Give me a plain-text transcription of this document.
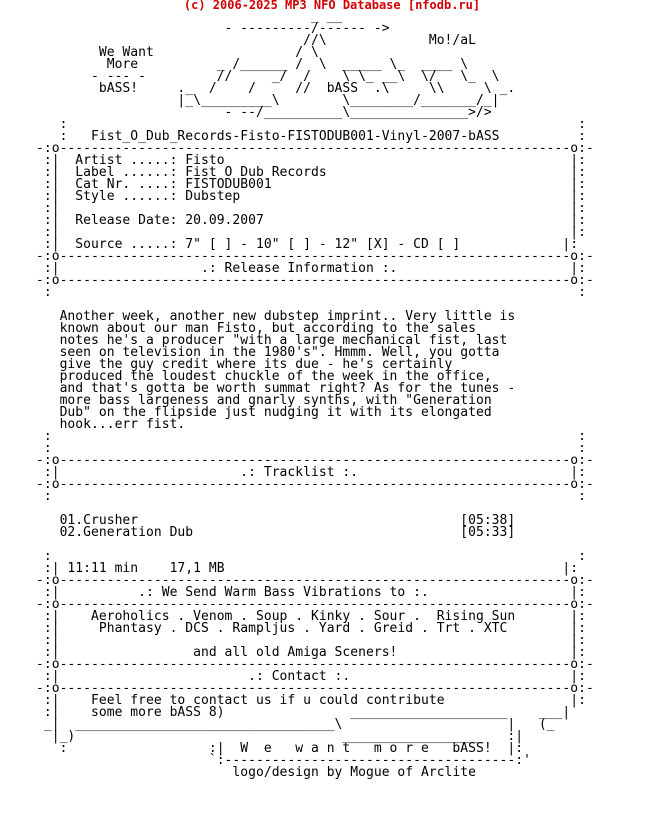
(c) 2006-2025 MP3 NFO Database [nfodb.ru]
_ __
- ---------/------ ->
//\             Mo!/aL
We Want                  / \
More          _ /______ /  \  _____ \_  ____ \
- --- -         //     _/  /    \ \_ __\  \/   \_  \
bASS!     ._  /    /     //  bASS  .\     \\     \ _.
|_\_________\        \________/_______/_|
- --/__________\_______________>/>
:                                                                 :
:   Fist_O_Dub_Records-Fisto-FISTODUB001-Vinyl-2007-bASS          :
-:o-----------------------------------------------------------------o:-
:|  Artist .....: Fisto                                            |:
:|  Label ......: Fist O Dub Records                               |:
:|  Cat Nr. ....: FISTODUB001                                      |:
:|  Style ......: Dubstep                                          |:
:|                                                                 |:
:|  Release Date: 20.09.2007                                       |:
:|                                                                 |:
:|  Source .....: 7" [ ] - 10" [ ] - 12" [X] - CD [ ]             |:
-:o-----------------------------------------------------------------o:-
:|                  .: Release Information :.                      |:
-:o-----------------------------------------------------------------o:-
:                                                                   :
Another week, another new dubstep imprint.. Very little is
known about our man Fisto, but according to the sales
notes he's a producer "with a large mechanical fist, last
seen on television in the 1980's". Hmmm. Well, you gotta
give the guy credit where its due - he's certainly
produced the loudest chuckle of the week in the office,
and that's gotta be worth summat right? As for the tunes -
more bass largeness and gnarly synths, with "Generation
Dub" on the flipside just nudging it with its elongated
hook...err fist.
:                                                                   :
:                                                                   :
-:o-----------------------------------------------------------------o:-
:|                       .: Tracklist :.                           |:
-:o-----------------------------------------------------------------o:-
:                                                                   :
01.Crusher                                         [05:38]
02.Generation Dub                                  [05:33]
:                                                                   :
:| 11:11 min    17,1 MB                                           |:
-:o-----------------------------------------------------------------o:-
:|          .: We Send Warm Bass Vibrations to :.                  |:
-:o-----------------------------------------------------------------o:-
:|    Aeroholics . Venom . Soup . Kinky . Sour .  Rising Sun       |:
:|     Phantasy . DCS . Rampljus . Yard . Greid . Trt . XTC        |:
:|                                                                 |:
:|                 and all old Amiga Sceners!                      |:
-:o-----------------------------------------------------------------o:-
:|                        .: Contact :.                            |:
-:o-----------------------------------------------------------------o:-
:|    Feel free to contact us if u could contribute                |:
:|    some more bASS 8)                ____________________    ___|
_|  _________________________________\                     |   (_
|_)                                  __________________   :|
:                  :|  W  e   w a n t   m o r e   bASS!  |:
`:-------------------------------------:'
logo/design by Mogue of Arclite
